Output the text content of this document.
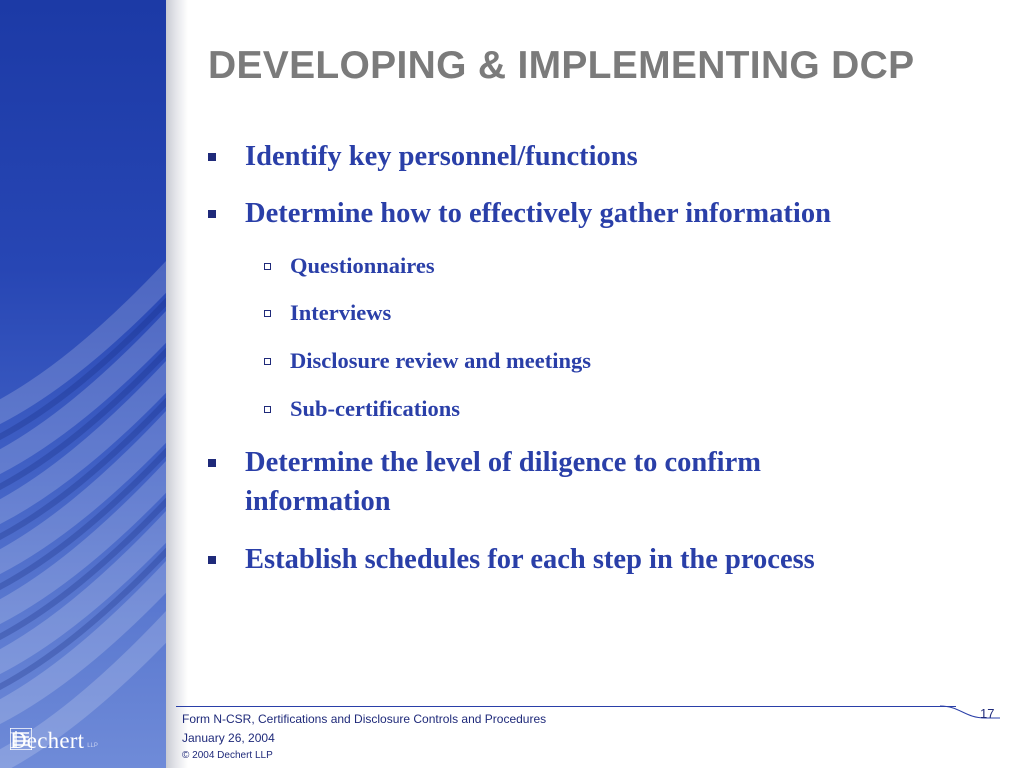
Dechert LLP
DEVELOPING & IMPLEMENTING DCP
Identify key personnel/functions
Determine how to effectively gather information
Questionnaires
Interviews
Disclosure review and meetings
Sub-certifications
Determine the level of diligence to confirm information
Establish schedules for each step in the process
Form N-CSR, Certifications and Disclosure Controls and Procedures
January 26, 2004
© 2004 Dechert LLP
17
